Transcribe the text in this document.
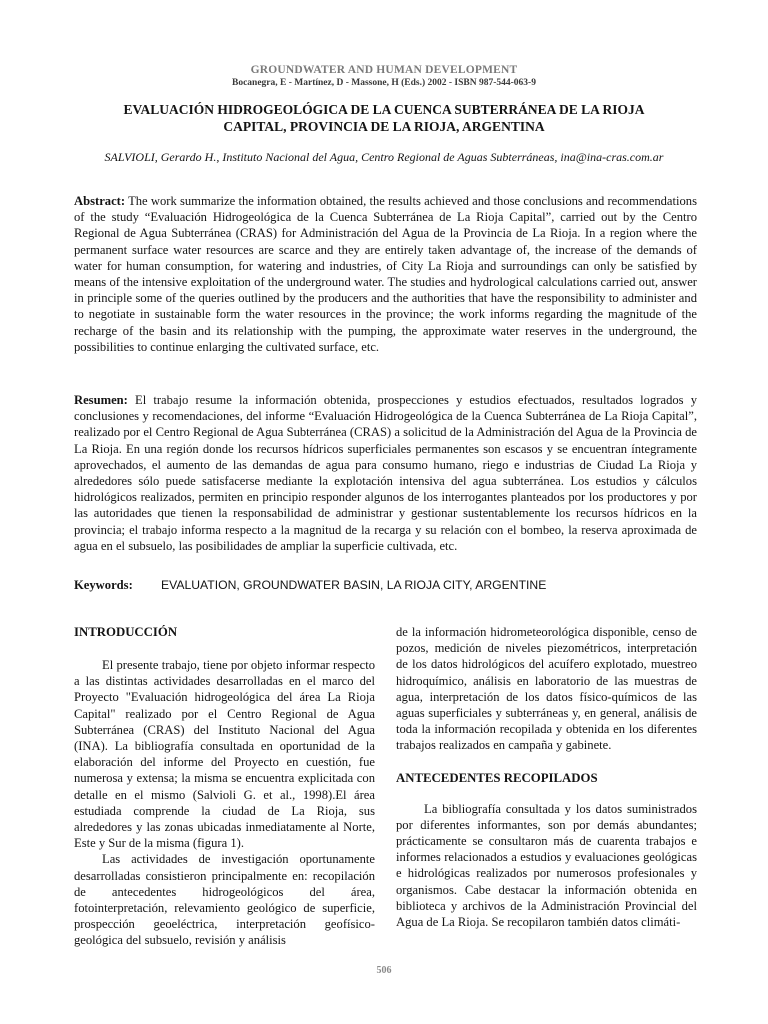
GROUNDWATER AND HUMAN DEVELOPMENT
Bocanegra, E - Martínez, D - Massone, H (Eds.) 2002 - ISBN 987-544-063-9
EVALUACIÓN HIDROGEOLÓGICA DE LA CUENCA SUBTERRÁNEA DE LA RIOJA
CAPITAL, PROVINCIA DE LA RIOJA, ARGENTINA
SALVIOLI, Gerardo H., Instituto Nacional del Agua, Centro Regional de Aguas Subterráneas, ina@ina-cras.com.ar

Abstract: The work summarize the information obtained, the results achieved and those conclusions and recommendations of the study “Evaluación Hidrogeológica de la Cuenca Subterránea de La Rioja Capital”, carried out by the Centro Regional de Agua Subterránea (CRAS) for Administración del Agua de la Provincia de La Rioja. In a region where the permanent surface water resources are scarce and they are entirely taken advantage of, the increase of the demands of water for human consumption, for watering and industries, of City La Rioja and surroundings can only be satisfied by means of the intensive exploitation of the underground water. The studies and hydrological calculations carried out, answer in principle some of the queries outlined by the producers and the authorities that have the responsibility to administer and to negotiate in sustainable form the water resources in the province; the work informs regarding the magnitude of the recharge of the basin and its relationship with the pumping, the approximate water reserves in the underground, the possibilities to continue enlarging the cultivated surface, etc.

Resumen: El trabajo resume la información obtenida, prospecciones y estudios efectuados, resultados logrados y conclusiones y recomendaciones, del informe “Evaluación Hidrogeológica de la Cuenca Subterránea de La Rioja Capital”, realizado por el Centro Regional de Agua Subterránea (CRAS) a solicitud de la Administración del Agua de la Provincia de La Rioja. En una región donde los recursos hídricos superficiales permanentes son escasos y se encuentran íntegramente aprovechados, el aumento de las demandas de agua para consumo humano, riego e industrias de Ciudad La Rioja y alrededores sólo puede satisfacerse mediante la explotación intensiva del agua subterránea. Los estudios y cálculos hidrológicos realizados, permiten en principio responder algunos de los interrogantes planteados por los productores y por las autoridades que tienen la responsabilidad de administrar y gestionar sustentablemente los recursos hídricos en la provincia; el trabajo informa respecto a la magnitud de la recarga y su relación con el bombeo, la reserva aproximada de agua en el subsuelo, las posibilidades de ampliar la superficie cultivada, etc.

Keywords: EVALUATION, GROUNDWATER BASIN, LA RIOJA CITY, ARGENTINE
INTRODUCCIÓN

El presente trabajo, tiene por objeto informar respecto a las distintas actividades desarrolladas en el marco del Proyecto "Evaluación hidrogeológica del área La Rioja Capital" realizado por el Centro Regional de Agua Subterránea (CRAS) del Instituto Nacional del Agua (INA). La bibliografía consultada en oportunidad de la elaboración del informe del Proyecto en cuestión, fue numerosa y extensa; la misma se encuentra explicitada con detalle en el mismo (Salvioli G. et al., 1998).El área estudiada comprende la ciudad de La Rioja, sus alrededores y las zonas ubicadas inmediatamente al Norte, Este y Sur de la misma (figura 1).

Las actividades de investigación oportunamente desarrolladas consistieron principalmente en: recopilación de antecedentes hidrogeológicos del área, fotointerpretación, relevamiento geológico de superficie, prospección geoeléctrica, interpretación geofísico-geológica del subsuelo, revisión y análisis

de la información hidrometeorológica disponible, censo de pozos, medición de niveles piezométricos, interpretación de los datos hidrológicos del acuífero explotado, muestreo hidroquímico, análisis en laboratorio de las muestras de agua, interpretación de los datos físico-químicos de las aguas superficiales y subterráneas y, en general, análisis de toda la información recopilada y obtenida en los diferentes trabajos realizados en campaña y gabinete.

ANTECEDENTES RECOPILADOS

La bibliografía consultada y los datos suministrados por diferentes informantes, son por demás abundantes; prácticamente se consultaron más de cuarenta trabajos e informes relacionados a estudios y evaluaciones geológicas e hidrológicas realizados por numerosos profesionales y organismos. Cabe destacar la información obtenida en biblioteca y archivos de la Administración Provincial del Agua de La Rioja. Se recopilaron también datos climáti-

506
